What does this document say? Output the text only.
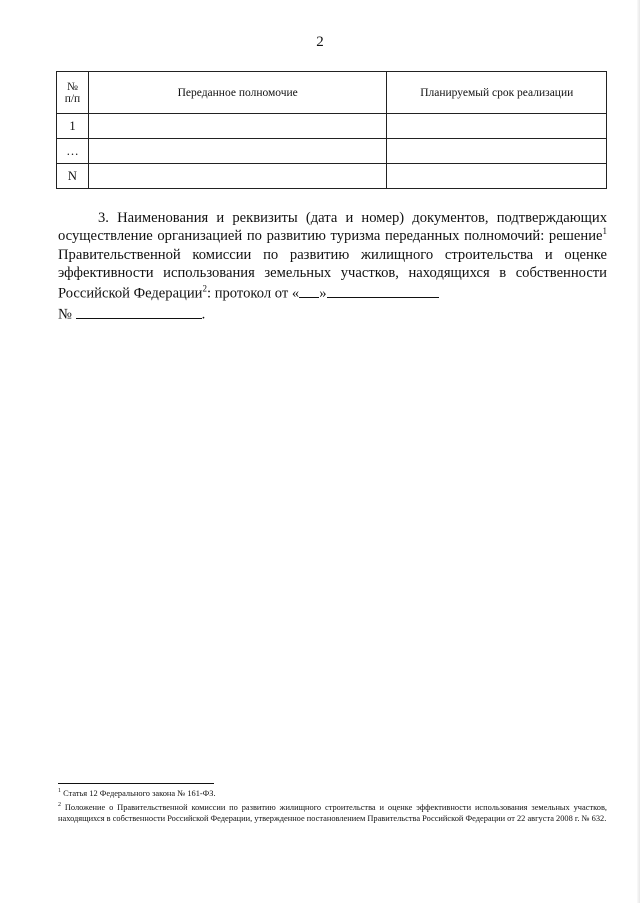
2
№ п/п	Переданное полномочие	Планируемый срок реализации
1		
…		
N		

3. Наименования и реквизиты (дата и номер) документов, подтверждающих осуществление организацией по развитию туризма переданных полномочий: решение$^1$ Правительственной комиссии по развитию жилищного строительства и оценке эффективности использования земельных участков, находящихся в собственности Российской Федерации$^2$: протокол от « »
№	.

$^1$ Статья 12 Федерального закона № 161-ФЗ.
$^2$ Положение о Правительственной комиссии по развитию жилищного строительства и оценке эффективности использования земельных участков, находящихся в собственности Российской Федерации, утвержденное постановлением Правительства Российской Федерации от 22 августа 2008 г. № 632.
